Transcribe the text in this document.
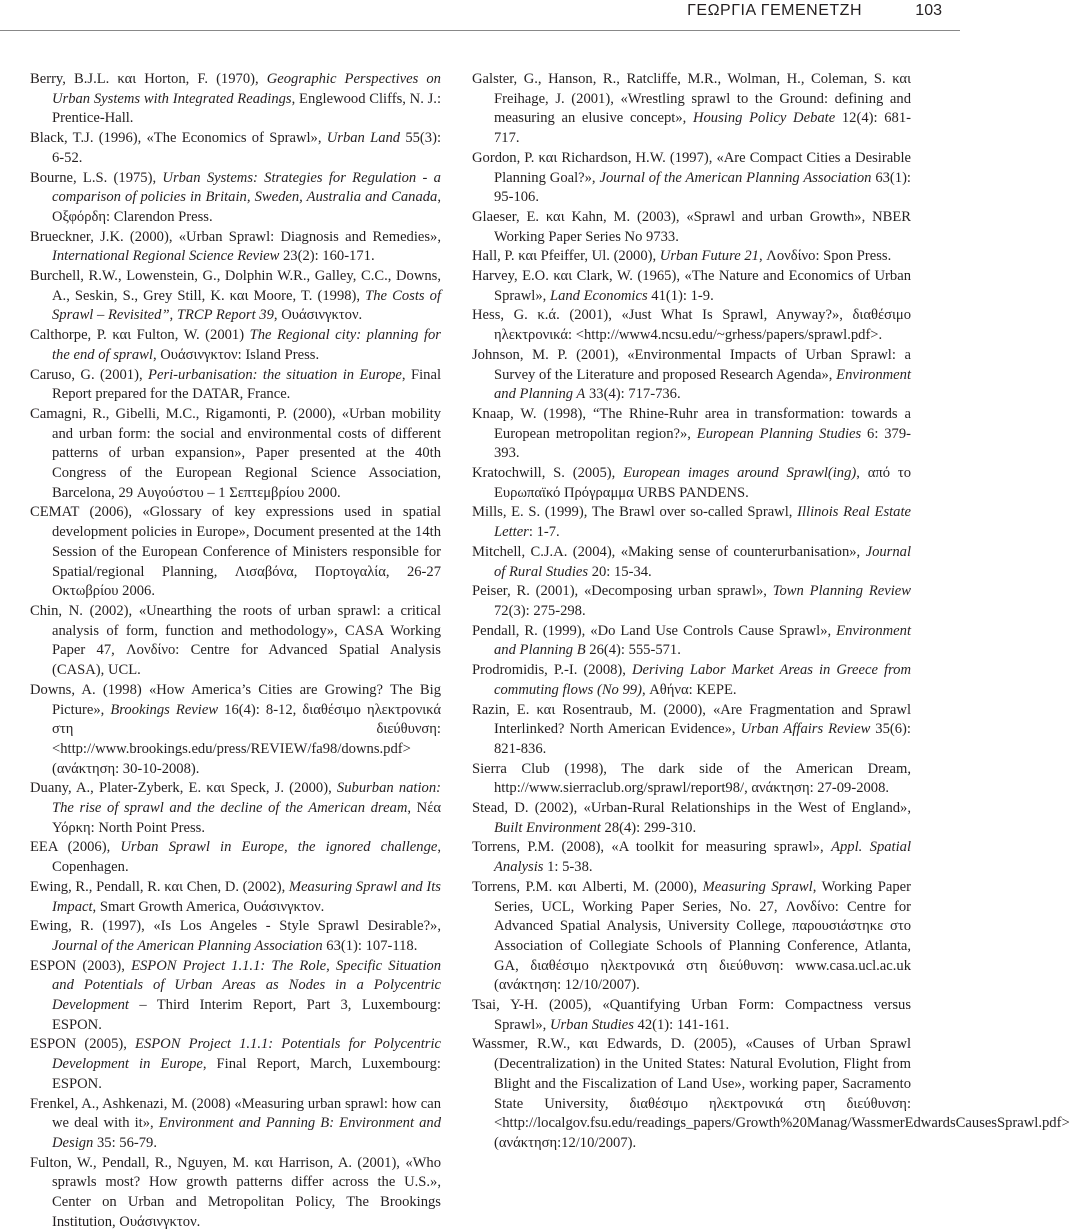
ΓΕΩΡΓΙΑ ΓΕΜΕΝΕΤΖΗ	103

Berry, B.J.L. και Horton, F. (1970), Geographic Perspectives on Urban Systems with Integrated Readings, Englewood Cliffs, N. J.: Prentice-Hall.

Black, T.J. (1996), «The Economics of Sprawl», Urban Land 55(3): 6-52.

Bourne, L.S. (1975), Urban Systems: Strategies for Regulation - a comparison of policies in Britain, Sweden, Australia and Canada, Οξφόρδη: Clarendon Press.

Brueckner, J.K. (2000), «Urban Sprawl: Diagnosis and Remedies», International Regional Science Review 23(2): 160-171.

Burchell, R.W., Lowenstein, G., Dolphin W.R., Galley, C.C., Downs, A., Seskin, S., Grey Still, K. και Moore, T. (1998), The Costs of Sprawl – Revisited”, TRCP Report 39, Ουάσινγκτον.

Calthorpe, P. και Fulton, W. (2001) The Regional city: planning for the end of sprawl, Ουάσινγκτον: Island Press.

Caruso, G. (2001), Peri-urbanisation: the situation in Europe, Final Report prepared for the DATAR, France.

Camagni, R., Gibelli, M.C., Rigamonti, P. (2000), «Urban mobility and urban form: the social and environmental costs of different patterns of urban expansion», Paper presented at the 40th Congress of the European Regional Science Association, Barcelona, 29 Αυγούστου – 1 Σεπτεμβρίου 2000.

CEMAT (2006), «Glossary of key expressions used in spatial development policies in Europe», Document presented at the 14th Session of the European Conference of Ministers responsible for Spatial/regional Planning, Λισαβόνα, Πορτογαλία, 26-27 Οκτωβρίου 2006.

Chin, N. (2002), «Unearthing the roots of urban sprawl: a critical analysis of form, function and methodology», CASA Working Paper 47, Λονδίνο: Centre for Advanced Spatial Analysis (CASA), UCL.

Downs, A. (1998) «How America’s Cities are Growing? The Big Picture», Brookings Review 16(4): 8-12, διαθέσιμο ηλεκτρονικά στη διεύθυνση: <http://www.brookings.edu/press/REVIEW/fa98/downs.pdf> (ανάκτηση: 30-10-2008).

Duany, A., Plater-Zyberk, E. και Speck, J. (2000), Suburban nation: The rise of sprawl and the decline of the American dream, Νέα Υόρκη: North Point Press.

EEA (2006), Urban Sprawl in Europe, the ignored challenge, Copenhagen.

Ewing, R., Pendall, R. και Chen, D. (2002), Measuring Sprawl and Its Impact, Smart Growth America, Ουάσινγκτον.

Ewing, R. (1997), «Is Los Angeles - Style Sprawl Desirable?», Journal of the American Planning Association 63(1): 107-118.

ESPON (2003), ESPON Project 1.1.1: The Role, Specific Situation and Potentials of Urban Areas as Nodes in a Polycentric Development – Third Interim Report, Part 3, Luxembourg: ESPON.

ESPON (2005), ESPON Project 1.1.1: Potentials for Polycentric Development in Europe, Final Report, March, Luxembourg: ESPON.

Frenkel, A., Ashkenazi, M. (2008) «Measuring urban sprawl: how can we deal with it», Environment and Panning B: Environment and Design 35: 56-79.

Fulton, W., Pendall, R., Nguyen, M. και Harrison, A. (2001), «Who sprawls most? How growth patterns differ across the U.S.», Center on Urban and Metropolitan Policy, The Brookings Institution, Ουάσινγκτον.

Galster, G., Hanson, R., Ratcliffe, M.R., Wolman, H., Coleman, S. και Freihage, J. (2001), «Wrestling sprawl to the Ground: defining and measuring an elusive concept», Housing Policy Debate 12(4): 681-717.

Gordon, P. και Richardson, H.W. (1997), «Are Compact Cities a Desirable Planning Goal?», Journal of the American Planning Association 63(1): 95-106.

Glaeser, E. και Kahn, M. (2003), «Sprawl and urban Growth», NBER Working Paper Series No 9733.

Hall, P. και Pfeiffer, Ul. (2000), Urban Future 21, Λονδίνο: Spon Press.

Harvey, E.O. και Clark, W. (1965), «The Nature and Economics of Urban Sprawl», Land Economics 41(1): 1-9.

Hess, G. κ.ά. (2001), «Just What Is Sprawl, Anyway?», διαθέσιμο ηλεκτρονικά: <http://www4.ncsu.edu/~grhess/papers/sprawl.pdf>.

Johnson, M. P. (2001), «Environmental Impacts of Urban Sprawl: a Survey of the Literature and proposed Research Agenda», Environment and Planning A 33(4): 717-736.

Knaap, W. (1998), “The Rhine-Ruhr area in transformation: towards a European metropolitan region?», European Planning Studies 6: 379-393.

Kratochwill, S. (2005), European images around Sprawl(ing), από το Ευρωπαϊκό Πρόγραμμα URBS PANDENS.

Mills, E. S. (1999), The Brawl over so-called Sprawl, Illinois Real Estate Letter: 1-7.

Mitchell, C.J.A. (2004), «Making sense of counterurbanisation», Journal of Rural Studies 20: 15-34.

Peiser, R. (2001), «Decomposing urban sprawl», Town Planning Review 72(3): 275-298.

Pendall, R. (1999), «Do Land Use Controls Cause Sprawl», Environment and Planning B 26(4): 555-571.

Prodromidis, P.-I. (2008), Deriving Labor Market Areas in Greece from commuting flows (No 99), Αθήνα: ΚΕΡΕ.

Razin, E. και Rosentraub, M. (2000), «Are Fragmentation and Sprawl Interlinked? North American Evidence», Urban Affairs Review 35(6): 821-836.

Sierra Club (1998), The dark side of the American Dream, http://www.sierraclub.org/sprawl/report98/, ανάκτηση: 27-09-2008.

Stead, D. (2002), «Urban-Rural Relationships in the West of England», Built Environment 28(4): 299-310.

Torrens, P.M. (2008), «A toolkit for measuring sprawl», Appl. Spatial Analysis 1: 5-38.

Torrens, P.M. και Alberti, M. (2000), Measuring Sprawl, Working Paper Series, UCL, Working Paper Series, No. 27, Λονδίνο: Centre for Advanced Spatial Analysis, University College, παρουσιάστηκε στο Association of Collegiate Schools of Planning Conference, Atlanta, GA, διαθέσιμο ηλεκτρονικά στη διεύθυνση: www.casa.ucl.ac.uk (ανάκτηση: 12/10/2007).

Tsai, Y-H. (2005), «Quantifying Urban Form: Compactness versus Sprawl», Urban Studies 42(1): 141-161.

Wassmer, R.W., και Edwards, D. (2005), «Causes of Urban Sprawl (Decentralization) in the United States: Natural Evolution, Flight from Blight and the Fiscalization of Land Use», working paper, Sacramento State University, διαθέσιμο ηλεκτρονικά στη διεύθυνση: <http://localgov.fsu.edu/readings_papers/Growth%20Manag/WassmerEdwardsCausesSprawl.pdf> (ανάκτηση:12/10/2007).
